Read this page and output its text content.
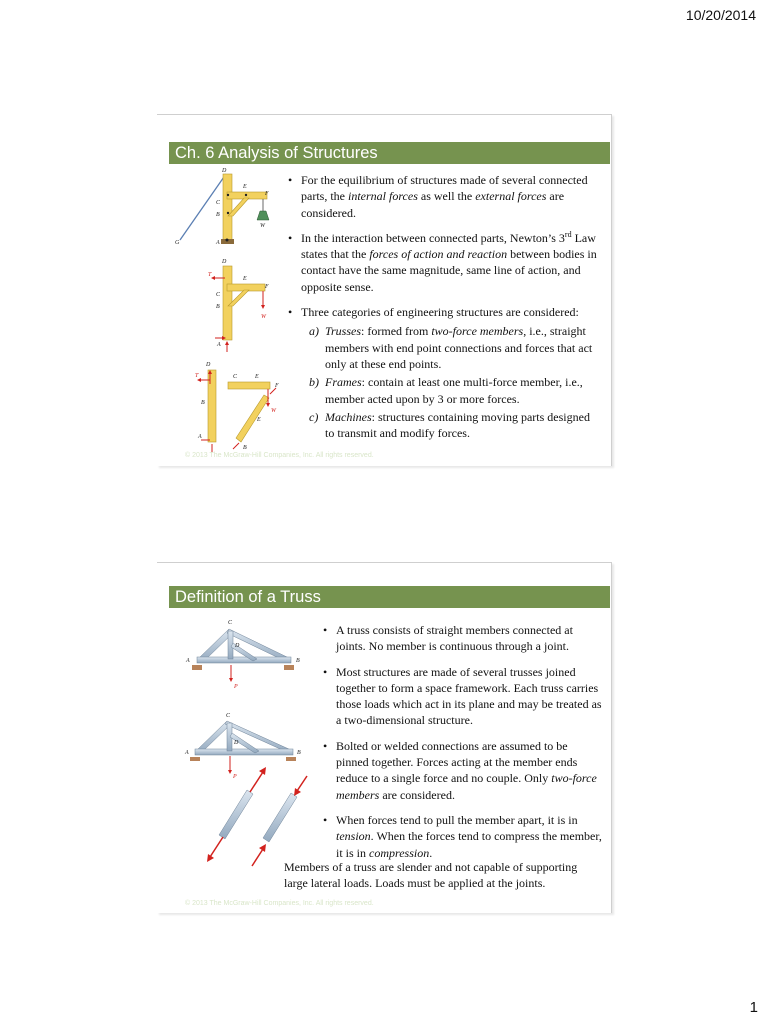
10/20/2014
Ch. 6 Analysis of Structures
D
E
F
C
B
A
G
W
D
E
F
T
C
B
A
W
D
C	E
F
T
B
A
W
B
E
• For the equilibrium of structures made of several connected parts, the internal forces as well the external forces are considered.
• In the interaction between connected parts, Newton’s 3rd Law states that the forces of action and reaction between bodies in contact have the same magnitude, same line of action, and opposite sense.
• Three categories of engineering structures are considered:
a) Trusses: formed from two-force members, i.e., straight members with end point connections and forces that act only at these end points.
b) Frames: contain at least one multi-force member, i.e., member acted upon by 3 or more forces.
c) Machines: structures containing moving parts designed to transmit and modify forces.
© 2013 The McGraw-Hill Companies, Inc. All rights reserved.
Definition of a Truss
C
D
A	B
P
C
D
A	B
P
• A truss consists of straight members connected at joints. No member is continuous through a joint.
• Most structures are made of several trusses joined together to form a space framework. Each truss carries those loads which act in its plane and may be treated as a two-dimensional structure.
• Bolted or welded connections are assumed to be pinned together. Forces acting at the member ends reduce to a single force and no couple. Only two-force members are considered.
• When forces tend to pull the member apart, it is in tension. When the forces tend to compress the member, it is in compression.
Members of a truss are slender and not capable of supporting large lateral loads. Loads must be applied at the joints.
© 2013 The McGraw-Hill Companies, Inc. All rights reserved.
1
